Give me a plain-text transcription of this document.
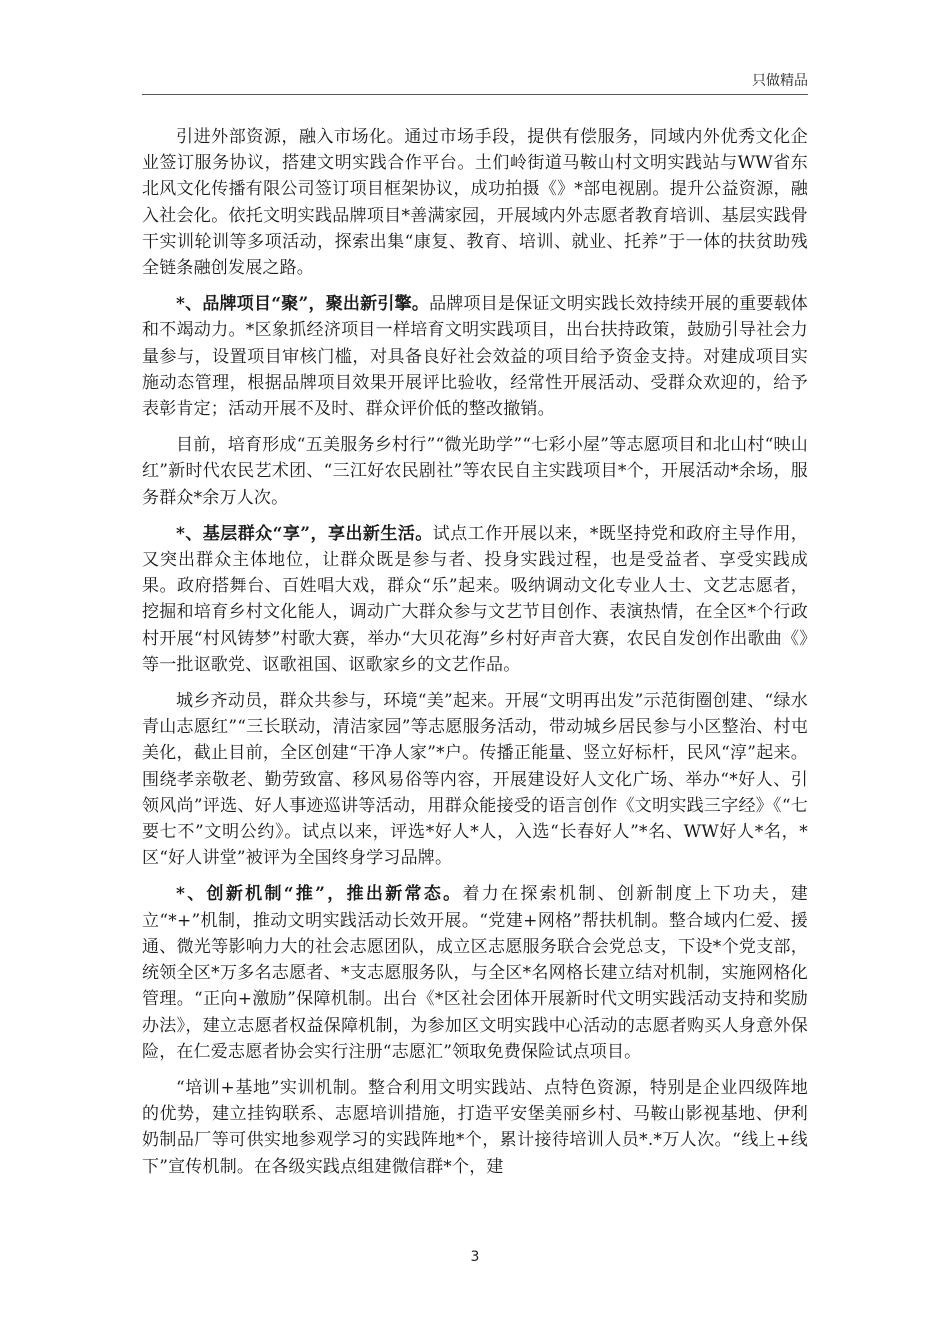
只做精品

引进外部资源，融入市场化。通过市场手段，提供有偿服务，同域内外优秀文化企业签订服务协议，搭建文明实践合作平台。土们岭街道马鞍山村文明实践站与WW省东北风文化传播有限公司签订项目框架协议，成功拍摄《》*部电视剧。提升公益资源，融入社会化。依托文明实践品牌项目*善满家园，开展域内外志愿者教育培训、基层实践骨干实训轮训等多项活动，探索出集“康复、教育、培训、就业、托养”于一体的扶贫助残全链条融创发展之路。

*、品牌项目“聚”，聚出新引擎。品牌项目是保证文明实践长效持续开展的重要载体和不竭动力。*区象抓经济项目一样培育文明实践项目，出台扶持政策，鼓励引导社会力量参与，设置项目审核门槛，对具备良好社会效益的项目给予资金支持。对建成项目实施动态管理，根据品牌项目效果开展评比验收，经常性开展活动、受群众欢迎的，给予表彰肯定；活动开展不及时、群众评价低的整改撤销。

目前，培育形成“五美服务乡村行”“微光助学”“七彩小屋”等志愿项目和北山村“映山红”新时代农民艺术团、“三江好农民剧社”等农民自主实践项目*个，开展活动*余场，服务群众*余万人次。

*、基层群众“享”，享出新生活。试点工作开展以来，*既坚持党和政府主导作用，又突出群众主体地位，让群众既是参与者、投身实践过程，也是受益者、享受实践成果。政府搭舞台、百姓唱大戏，群众“乐”起来。吸纳调动文化专业人士、文艺志愿者，挖掘和培育乡村文化能人，调动广大群众参与文艺节目创作、表演热情，在全区*个行政村开展“村风铸梦”村歌大赛，举办“大贝花海”乡村好声音大赛，农民自发创作出歌曲《》等一批讴歌党、讴歌祖国、讴歌家乡的文艺作品。

城乡齐动员，群众共参与，环境“美”起来。开展“文明再出发”示范街圈创建、“绿水青山志愿红”“三长联动，清洁家园”等志愿服务活动，带动城乡居民参与小区整治、村屯美化，截止目前，全区创建“干净人家”*户。传播正能量、竖立好标杆，民风“淳”起来。围绕孝亲敬老、勤劳致富、移风易俗等内容，开展建设好人文化广场、举办“*好人、引领风尚”评选、好人事迹巡讲等活动，用群众能接受的语言创作《文明实践三字经》《“七要七不”文明公约》。试点以来，评选*好人*人，入选“长春好人”*名、WW好人*名，*区“好人讲堂”被评为全国终身学习品牌。

*、创新机制“推”，推出新常态。着力在探索机制、创新制度上下功夫，建立“*+”机制，推动文明实践活动长效开展。“党建+网格”帮扶机制。整合域内仁爱、援通、微光等影响力大的社会志愿团队，成立区志愿服务联合会党总支，下设*个党支部，统领全区*万多名志愿者、*支志愿服务队，与全区*名网格长建立结对机制，实施网格化管理。“正向+激励”保障机制。出台《*区社会团体开展新时代文明实践活动支持和奖励办法》，建立志愿者权益保障机制，为参加区文明实践中心活动的志愿者购买人身意外保险，在仁爱志愿者协会实行注册“志愿汇”领取免费保险试点项目。

“培训+基地”实训机制。整合利用文明实践站、点特色资源，特别是企业四级阵地的优势，建立挂钩联系、志愿培训措施，打造平安堡美丽乡村、马鞍山影视基地、伊利奶制品厂等可供实地参观学习的实践阵地*个，累计接待培训人员*.*万人次。“线上+线下”宣传机制。在各级实践点组建微信群*个，建

3
